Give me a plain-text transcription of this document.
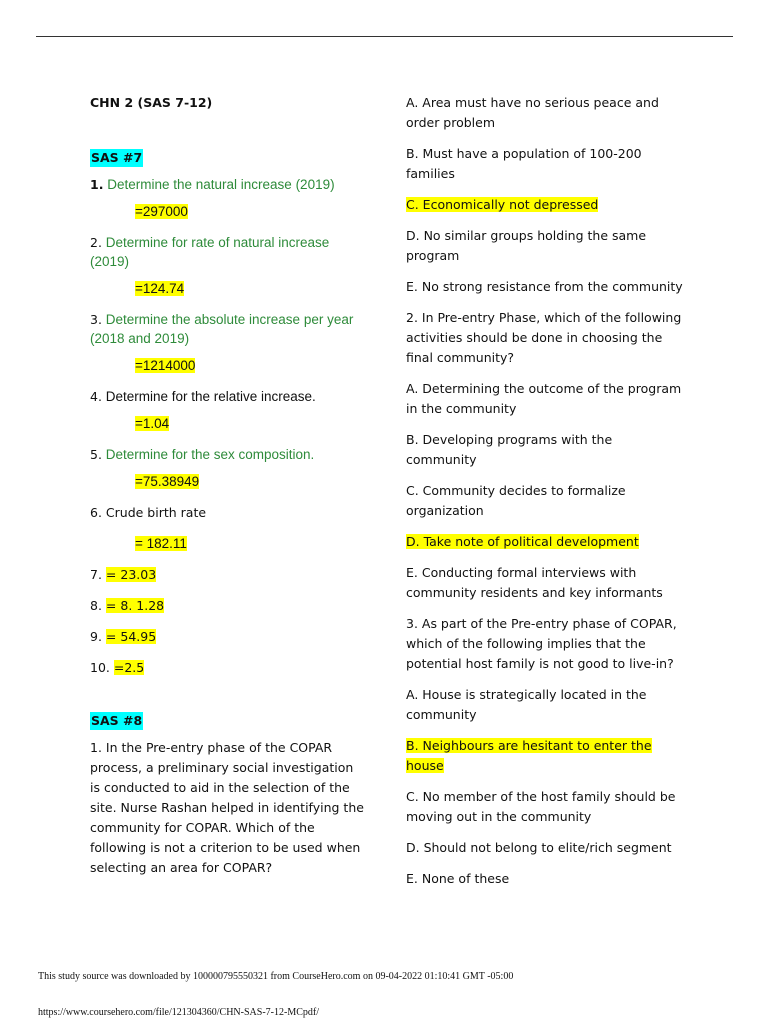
CHN 2 (SAS 7-12)
SAS #7
1. Determine the natural increase (2019)
=297000
2. Determine for rate of natural increase (2019)
=124.74
3. Determine the absolute increase per year (2018 and 2019)
=1214000
4. Determine for the relative increase.
=1.04
5. Determine for the sex composition.
=75.38949
6. Crude birth rate
= 182.11
7. = 23.03
8. = 8. 1.28
9. = 54.95
10. =2.5
SAS #8
1. In the Pre-entry phase of the COPAR process, a preliminary social investigation is conducted to aid in the selection of the site. Nurse Rashan helped in identifying the community for COPAR. Which of the following is not a criterion to be used when selecting an area for COPAR?
A. Area must have no serious peace and order problem
B. Must have a population of 100-200 families
C. Economically not depressed
D. No similar groups holding the same program
E. No strong resistance from the community
2. In Pre-entry Phase, which of the following activities should be done in choosing the final community?
A. Determining the outcome of the program in the community
B. Developing programs with the community
C. Community decides to formalize organization
D. Take note of political development
E. Conducting formal interviews with community residents and key informants
3. As part of the Pre-entry phase of COPAR, which of the following implies that the potential host family is not good to live-in?
A. House is strategically located in the community
B. Neighbours are hesitant to enter the house
C. No member of the host family should be moving out in the community
D. Should not belong to elite/rich segment
E. None of these
This study source was downloaded by 100000795550321 from CourseHero.com on 09-04-2022 01:10:41 GMT -05:00
https://www.coursehero.com/file/121304360/CHN-SAS-7-12-MCpdf/
